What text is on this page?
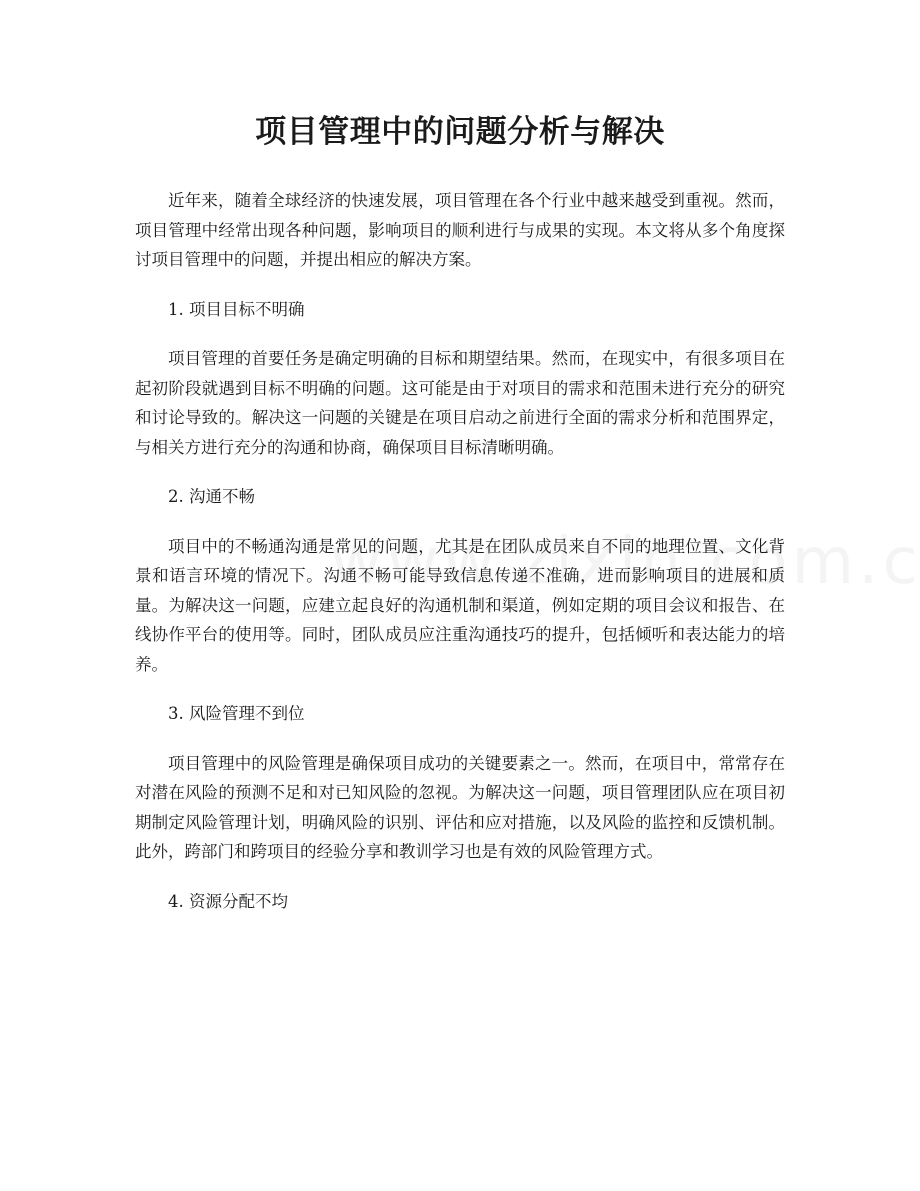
项目管理中的问题分析与解决

近年来，随着全球经济的快速发展，项目管理在各个行业中越来越受到重视。然而，项目管理中经常出现各种问题，影响项目的顺利进行与成果的实现。本文将从多个角度探讨项目管理中的问题，并提出相应的解决方案。

1. 项目目标不明确

项目管理的首要任务是确定明确的目标和期望结果。然而，在现实中，有很多项目在起初阶段就遇到目标不明确的问题。这可能是由于对项目的需求和范围未进行充分的研究和讨论导致的。解决这一问题的关键是在项目启动之前进行全面的需求分析和范围界定，与相关方进行充分的沟通和协商，确保项目目标清晰明确。

2. 沟通不畅

项目中的不畅通沟通是常见的问题，尤其是在团队成员来自不同的地理位置、文化背景和语言环境的情况下。沟通不畅可能导致信息传递不准确，进而影响项目的进展和质量。为解决这一问题，应建立起良好的沟通机制和渠道，例如定期的项目会议和报告、在线协作平台的使用等。同时，团队成员应注重沟通技巧的提升，包括倾听和表达能力的培养。

3. 风险管理不到位

项目管理中的风险管理是确保项目成功的关键要素之一。然而，在项目中，常常存在对潜在风险的预测不足和对已知风险的忽视。为解决这一问题，项目管理团队应在项目初期制定风险管理计划，明确风险的识别、评估和应对措施，以及风险的监控和反馈机制。此外，跨部门和跨项目的经验分享和教训学习也是有效的风险管理方式。

4. 资源分配不均
